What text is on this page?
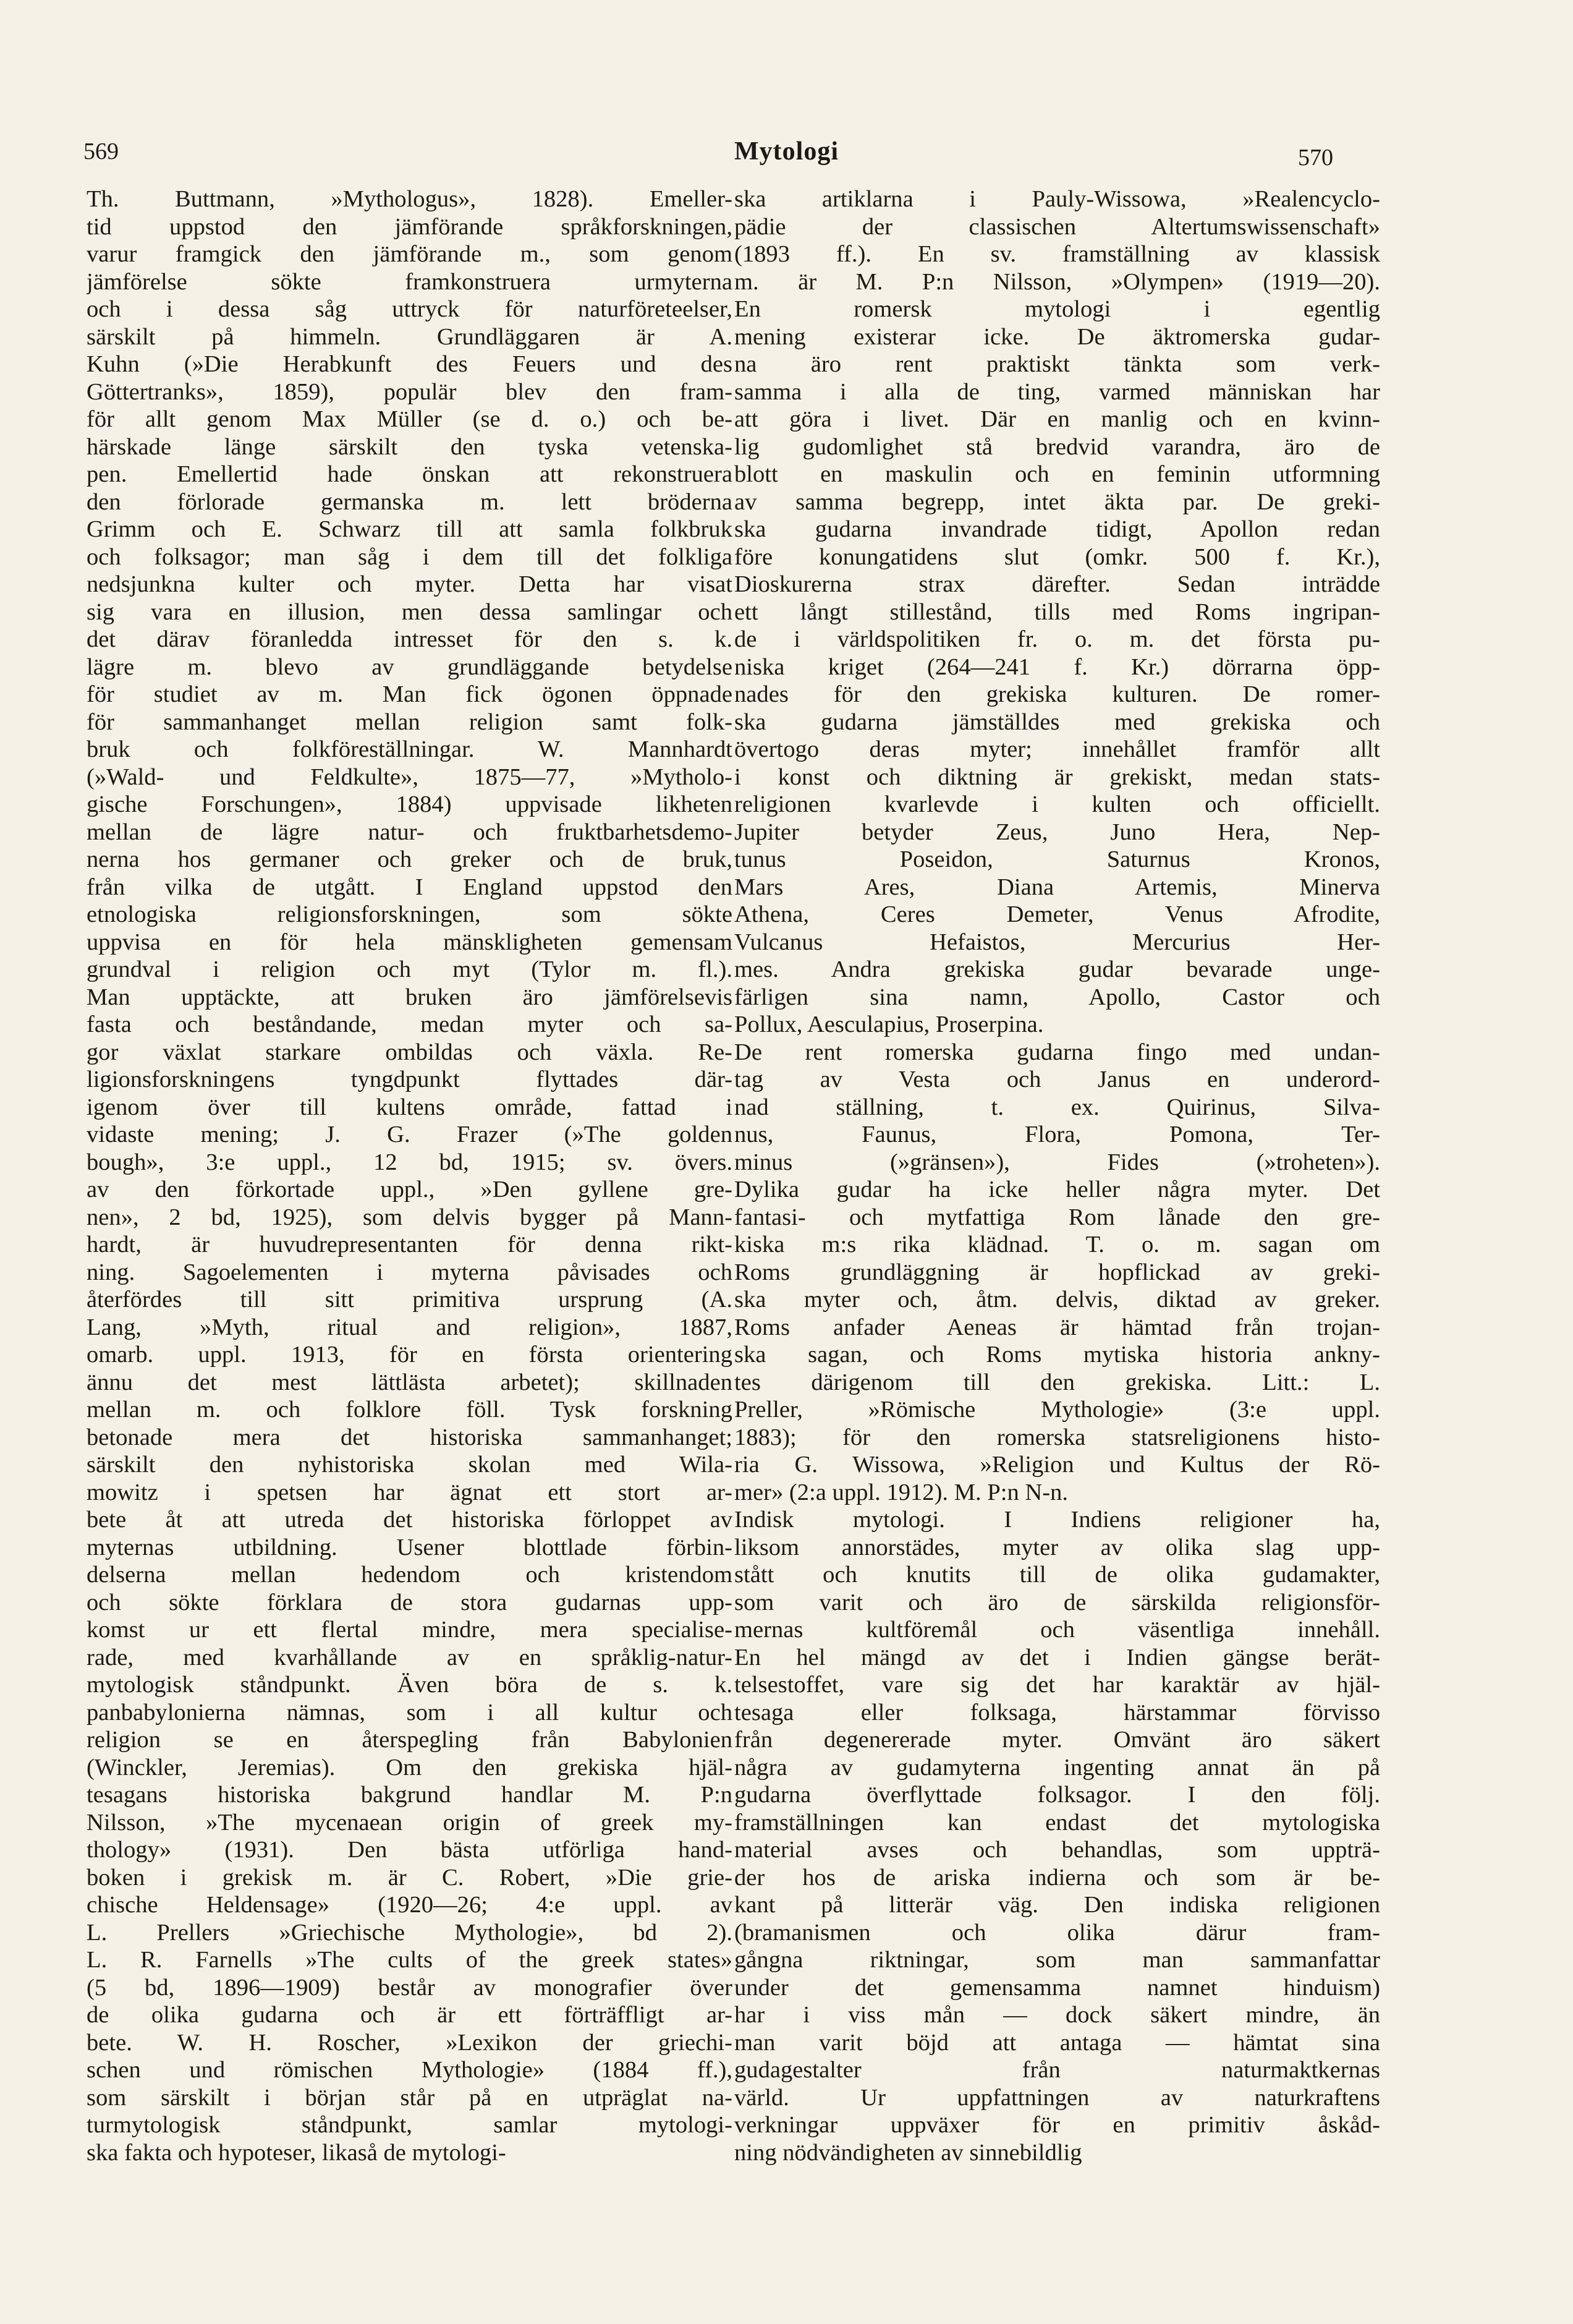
569	Mytologi	570
Th. Buttmann, »Mythologus», 1828). Emeller-
tid uppstod den jämförande språkforskningen,
varur framgick den jämförande m., som genom
jämförelse sökte framkonstruera urmyterna
och i dessa såg uttryck för naturföreteelser,
särskilt på himmeln. Grundläggaren är A.
Kuhn (»Die Herabkunft des Feuers und des
Göttertranks», 1859), populär blev den fram-
för allt genom Max Müller (se d. o.) och be-
härskade länge särskilt den tyska vetenska-
pen. Emellertid hade önskan att rekonstruera
den förlorade germanska m. lett bröderna
Grimm och E. Schwarz till att samla folkbruk
och folksagor; man såg i dem till det folkliga
nedsjunkna kulter och myter. Detta har visat
sig vara en illusion, men dessa samlingar och
det därav föranledda intresset för den s. k.
lägre m. blevo av grundläggande betydelse
för studiet av m. Man fick ögonen öppnade
för sammanhanget mellan religion samt folk-
bruk och folkföreställningar. W. Mannhardt
(»Wald- und Feldkulte», 1875—77, »Mytholo-
gische Forschungen», 1884) uppvisade likheten
mellan de lägre natur- och fruktbarhetsdemo-
nerna hos germaner och greker och de bruk,
från vilka de utgått. I England uppstod den
etnologiska religionsforskningen, som sökte
uppvisa en för hela mänskligheten gemensam
grundval i religion och myt (Tylor m. fl.).
Man upptäckte, att bruken äro jämförelsevis
fasta och beståndande, medan myter och sa-
gor växlat starkare ombildas och växla. Re-
ligionsforskningens tyngdpunkt flyttades där-
igenom över till kultens område, fattad i
vidaste mening; J. G. Frazer (»The golden
bough», 3:e uppl., 12 bd, 1915; sv. övers.
av den förkortade uppl., »Den gyllene gre-
nen», 2 bd, 1925), som delvis bygger på Mann-
hardt, är huvudrepresentanten för denna rikt-
ning. Sagoelementen i myterna påvisades och
återfördes till sitt primitiva ursprung (A.
Lang, »Myth, ritual and religion», 1887,
omarb. uppl. 1913, för en första orientering
ännu det mest lättlästa arbetet); skillnaden
mellan m. och folklore föll. Tysk forskning
betonade mera det historiska sammanhanget;
särskilt den nyhistoriska skolan med Wila-
mowitz i spetsen har ägnat ett stort ar-
bete åt att utreda det historiska förloppet av
myternas utbildning. Usener blottlade förbin-
delserna mellan hedendom och kristendom
och sökte förklara de stora gudarnas upp-
komst ur ett flertal mindre, mera specialise-
rade, med kvarhållande av en språklig-natur-
mytologisk ståndpunkt. Även böra de s. k.
panbabylonierna nämnas, som i all kultur och
religion se en återspegling från Babylonien
(Winckler, Jeremias). Om den grekiska hjäl-
tesagans historiska bakgrund handlar M. P:n
Nilsson, »The mycenaean origin of greek my-
thology» (1931). Den bästa utförliga hand-
boken i grekisk m. är C. Robert, »Die grie-
chische Heldensage» (1920—26; 4:e uppl. av
L. Prellers »Griechische Mythologie», bd 2).
L. R. Farnells »The cults of the greek states»
(5 bd, 1896—1909) består av monografier över
de olika gudarna och är ett förträffligt ar-
bete. W. H. Roscher, »Lexikon der griechi-
schen und römischen Mythologie» (1884 ff.),
som särskilt i början står på en utpräglat na-
turmytologisk ståndpunkt, samlar mytologi-
ska fakta och hypoteser, likaså de mytologi-
ska artiklarna i Pauly-Wissowa, »Realencyclo-
pädie der classischen Altertumswissenschaft»
(1893 ff.). En sv. framställning av klassisk
m. är M. P:n Nilsson, »Olympen» (1919—20).
En romersk mytologi i egentlig
mening existerar icke. De äktromerska gudar-
na äro rent praktiskt tänkta som verk-
samma i alla de ting, varmed människan har
att göra i livet. Där en manlig och en kvinn-
lig gudomlighet stå bredvid varandra, äro de
blott en maskulin och en feminin utformning
av samma begrepp, intet äkta par. De greki-
ska gudarna invandrade tidigt, Apollon redan
före konungatidens slut (omkr. 500 f. Kr.),
Dioskurerna strax därefter. Sedan inträdde
ett långt stillestånd, tills med Roms ingripan-
de i världspolitiken fr. o. m. det första pu-
niska kriget (264—241 f. Kr.) dörrarna öpp-
nades för den grekiska kulturen. De romer-
ska gudarna jämställdes med grekiska och
övertogo deras myter; innehållet framför allt
i konst och diktning är grekiskt, medan stats-
religionen kvarlevde i kulten och officiellt.
Jupiter betyder Zeus, Juno Hera, Nep-
tunus Poseidon, Saturnus Kronos,
Mars Ares, Diana Artemis, Minerva
Athena, Ceres Demeter, Venus Afrodite,
Vulcanus Hefaistos, Mercurius Her-
mes. Andra grekiska gudar bevarade unge-
färligen sina namn, Apollo, Castor och
Pollux, Aesculapius, Proserpina.
De rent romerska gudarna fingo med undan-
tag av Vesta och Janus en underord-
nad ställning, t. ex. Quirinus, Silva-
nus, Faunus, Flora, Pomona, Ter-
minus (»gränsen»), Fides (»troheten»).
Dylika gudar ha icke heller några myter. Det
fantasi- och mytfattiga Rom lånade den gre-
kiska m:s rika klädnad. T. o. m. sagan om
Roms grundläggning är hopflickad av greki-
ska myter och, åtm. delvis, diktad av greker.
Roms anfader Aeneas är hämtad från trojan-
ska sagan, och Roms mytiska historia ankny-
tes därigenom till den grekiska. Litt.: L.
Preller, »Römische Mythologie» (3:e uppl.
1883); för den romerska statsreligionens histo-
ria G. Wissowa, »Religion und Kultus der Rö-
mer» (2:a uppl. 1912). M. P:n N-n.
Indisk mytologi. I Indiens religioner ha,
liksom annorstädes, myter av olika slag upp-
stått och knutits till de olika gudamakter,
som varit och äro de särskilda religionsför-
mernas kultföremål och väsentliga innehåll.
En hel mängd av det i Indien gängse berät-
telsestoffet, vare sig det har karaktär av hjäl-
tesaga eller folksaga, härstammar förvisso
från degenererade myter. Omvänt äro säkert
några av gudamyterna ingenting annat än på
gudarna överflyttade folksagor. I den följ.
framställningen kan endast det mytologiska
material avses och behandlas, som uppträ-
der hos de ariska indierna och som är be-
kant på litterär väg. Den indiska religionen
(bramanismen och olika därur fram-
gångna riktningar, som man sammanfattar
under det gemensamma namnet hinduism)
har i viss mån — dock säkert mindre, än
man varit böjd att antaga — hämtat sina
gudagestalter från naturmaktkernas
värld. Ur uppfattningen av naturkraftens
verkningar uppväxer för en primitiv åskåd-
ning nödvändigheten av sinnebildlig
